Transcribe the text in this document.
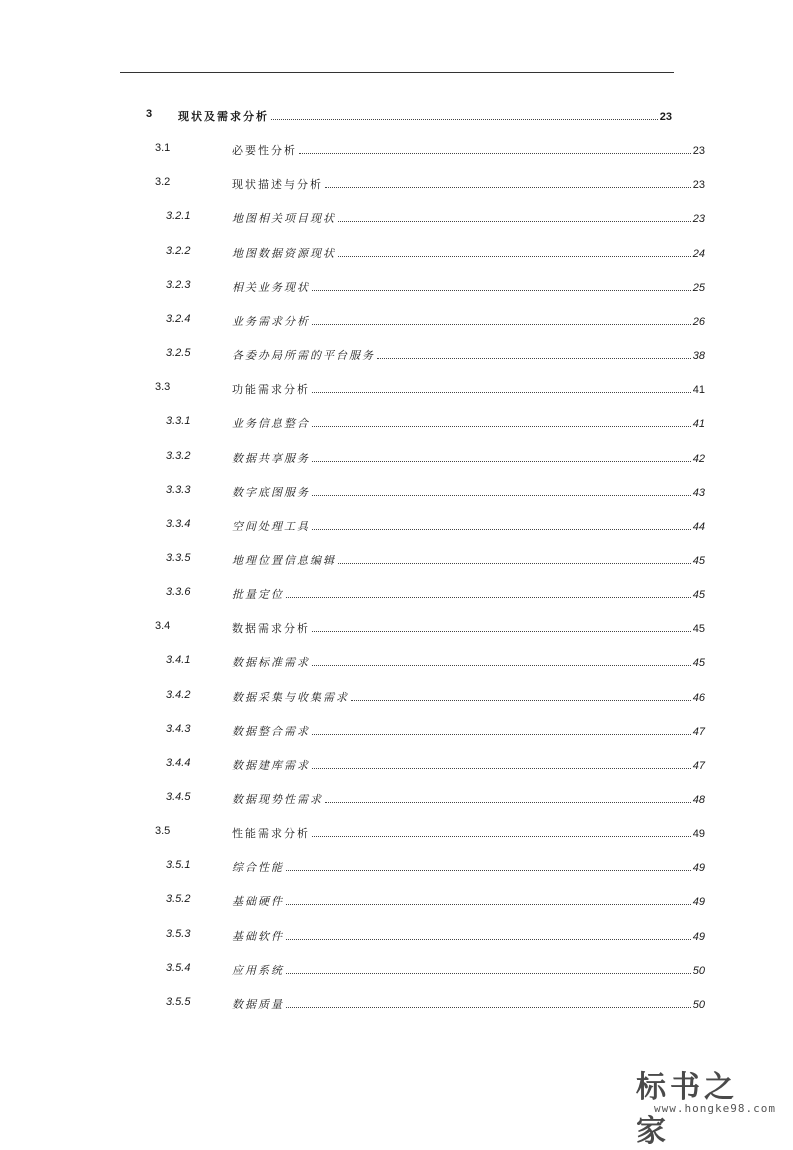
3 现状及需求分析	23
3.1	必要性分析	23
3.2	现状描述与分析	23
3.2.1	地图相关项目现状	23
3.2.2	地图数据资源现状	24
3.2.3	相关业务现状	25
3.2.4	业务需求分析	26
3.2.5	各委办局所需的平台服务	38
3.3	功能需求分析	41
3.3.1	业务信息整合	41
3.3.2	数据共享服务	42
3.3.3	数字底图服务	43
3.3.4	空间处理工具	44
3.3.5	地理位置信息编辑	45
3.3.6	批量定位	45
3.4	数据需求分析	45
3.4.1	数据标准需求	45
3.4.2	数据采集与收集需求	46
3.4.3	数据整合需求	47
3.4.4	数据建库需求	47
3.4.5	数据现势性需求	48
3.5	性能需求分析	49
3.5.1	综合性能	49
3.5.2	基础硬件	49
3.5.3	基础软件	49
3.5.4	应用系统	50
3.5.5	数据质量	50
标书之家
www.hongke98.com
